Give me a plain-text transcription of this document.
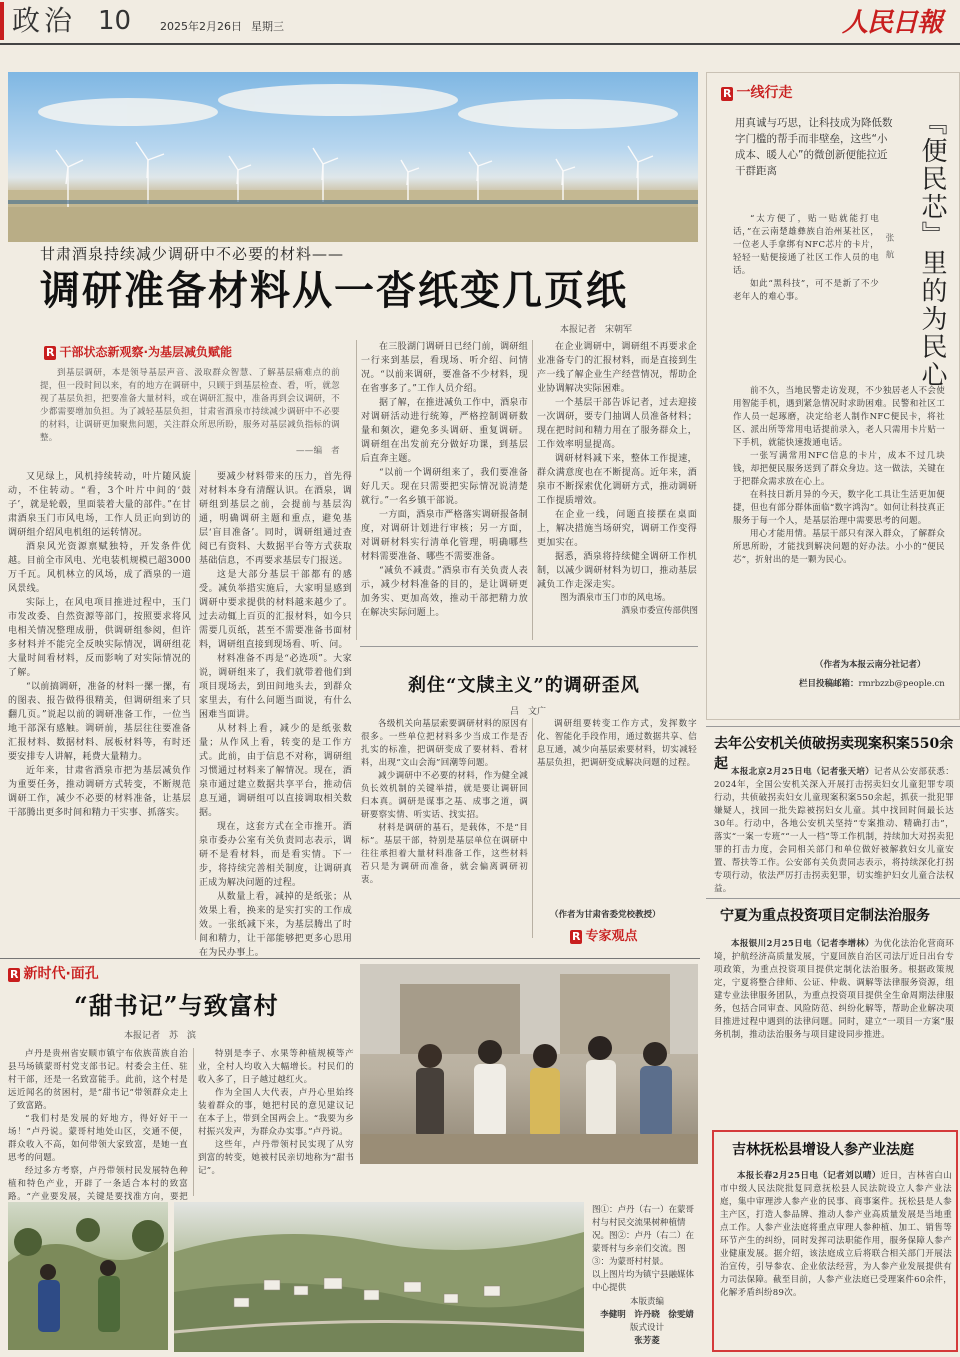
政治 10	2025年2月26日 星期三	人民日報
甘肃酒泉持续减少调研中不必要的材料——
调研准备材料从一沓纸变几页纸
本报记者　宋朝军
R 干部状态新观察·为基层减负赋能
到基层调研，本是领导基层声音、汲取群众智慧、了解基层痛难点的前提，但一段时间以来，有的地方在调研中，只顾于到基层检查、看，听，就忽视了基层负担，把要准备大量材料，或在调研汇报中，准备再到会议调研，不少都需要增加负担。为了减轻基层负担，甘肃省酒泉市持续减少调研中不必要的材料，让调研更加聚焦问题，关注群众所思所盼，服务对基层减负指标的调整。
——编　者

又见绿上，风机持续转动，叶片随风旋动，不住转动。“看，3个叶片中间的‘鼓子’，就是轮毂，里面装着大量的部件。”在甘肃酒泉玉门市风电场，工作人员正向到访的调研组介绍风电机组的运转情况。

酒泉风光资源禀赋独特，开发条件优越。目前全市风电、光电装机规模已超3000万千瓦。风机林立的风场，成了酒泉的一道风景线。

实际上，在风电项目推进过程中，玉门市发改委、自然资源等部门，按照要求将风电相关情况整理成册，供调研组参阅，但许多材料并不能完全反映实际情况，调研组花大量时间看材料，反而影响了对实际情况的了解。

“以前搞调研，准备的材料一摞一摞，有的图表、报告做得很精美，但调研组来了只翻几页。”说起以前的调研准备工作，一位当地干部深有感触。调研前，基层往往要准备汇报材料、数据材料、展板材料等，有时还要安排专人讲解，耗费大量精力。

近年来，甘肃省酒泉市把为基层减负作为重要任务，推动调研方式转变，不断规范调研工作，减少不必要的材料准备，让基层干部腾出更多时间和精力干实事、抓落实。

要减少材料带来的压力，首先得对材料本身有清醒认识。在酒泉，调研组到基层之前，会提前与基层沟通，明确调研主题和重点，避免基层‘盲目准备’。同时，调研组通过查阅已有资料、大数据平台等方式获取基础信息，不再要求基层专门报送。

这是大部分基层干部都有的感受。减负举措实施后，大家明显感到调研中要求提供的材料越来越少了。过去动辄上百页的汇报材料，如今只需要几页纸，甚至不需要准备书面材料，调研组直接到现场看、听、问。

材料准备不再是“必选项”。大家说，调研组来了，我们就带着他们到项目现场去，到田间地头去，到群众家里去，有什么问题当面说，有什么困难当面讲。

从材料上看，减少的是纸张数量；从作风上看，转变的是工作方式。此前，由于信息不对称，调研组习惯通过材料来了解情况。现在，酒泉市通过建立数据共享平台，推动信息互通，调研组可以直接调取相关数据。

现在，这套方式在全市推开。酒泉市委办公室有关负责同志表示，调研不是看材料，而是看实情。下一步，将持续完善相关制度，让调研真正成为解决问题的过程。

从数量上看，减掉的是纸张；从效果上看，换来的是实打实的工作成效。一张纸减下来，为基层腾出了时间和精力，让干部能够把更多心思用在为民办事上。

在三股湖门调研日已经门前，调研组一行来到基层，看现场、听介绍、问情况。“以前来调研，要准备不少材料，现在省事多了。”工作人员介绍。

据了解，在推进减负工作中，酒泉市对调研活动进行统筹，严格控制调研数量和频次，避免多头调研、重复调研。调研组在出发前充分做好功课，到基层后直奔主题。

“以前一个调研组来了，我们要准备好几天。现在只需要把实际情况说清楚就行。”一名乡镇干部说。

一方面，酒泉市严格落实调研报备制度，对调研计划进行审核；另一方面，对调研材料实行清单化管理，明确哪些材料需要准备、哪些不需要准备。

“减负不减责。”酒泉市有关负责人表示，减少材料准备的目的，是让调研更加务实、更加高效，推动干部把精力放在解决实际问题上。

在企业调研中，调研组不再要求企业准备专门的汇报材料，而是直接到生产一线了解企业生产经营情况，帮助企业协调解决实际困难。

一个基层干部告诉记者，过去迎接一次调研，要专门抽调人员准备材料；现在把时间和精力用在了服务群众上，工作效率明显提高。

调研材料减下来，整体工作提速，群众满意度也在不断提高。近年来，酒泉市不断探索优化调研方式，推动调研工作提质增效。

在企业一线，问题直接摆在桌面上，解决措施当场研究，调研工作变得更加实在。

据悉，酒泉将持续健全调研工作机制，以减少调研材料为切口，推动基层减负工作走深走实。

图为酒泉市玉门市的风电场。
酒泉市委宣传部供图
刹住“文牍主义”的调研歪风
吕　文广

各级机关向基层索要调研材料的原因有很多。一些单位把材料多少当成工作是否扎实的标准，把调研变成了要材料、看材料，出现“文山会海”回潮等问题。

减少调研中不必要的材料，作为健全减负长效机制的关键举措，就是要让调研回归本真。调研是谋事之基、成事之道，调研要察实情、听实话、找实招。

材料是调研的基石，是载体，不是“目标”。基层干部，特别是基层单位在调研中往往承担着大量材料准备工作，这些材料若只是为调研而准备，就会偏离调研初衷。

调研组要转变工作方式，发挥数字化、智能化手段作用，通过数据共享、信息互通，减少向基层索要材料，切实减轻基层负担，把调研变成解决问题的过程。

（作者为甘肃省委党校教授）
R 专家观点
R 一线行走
用真诚与巧思，让科技成为降低数字门槛的帮手而非壁垒，这些“小成本、暖人心”的微创新便能拉近干群距离	『便民芯』里的为民心
张　航

“太方便了，贴一贴就能打电话，”在云南楚雄彝族自治州某社区，一位老人手拿绑有NFC芯片的卡片，轻轻一贴便接通了社区工作人员的电话。

如此“黑科技”，可不是新了不少老年人的难心事。

前不久，当地民警走访发现，不少独居老人不会使用智能手机，遇到紧急情况时求助困难。民警和社区工作人员一起琢磨，决定给老人制作NFC便民卡，将社区、派出所等常用电话提前录入，老人只需用卡片贴一下手机，就能快速拨通电话。

一张写满常用NFC信息的卡片，成本不过几块钱，却把便民服务送到了群众身边。这一做法，关键在于把群众需求放在心上。

在科技日新月异的今天，数字化工具让生活更加便捷，但也有部分群体面临“数字鸿沟”。如何让科技真正服务于每一个人，是基层治理中需要思考的问题。

用心才能用情。基层干部只有深入群众，了解群众所思所盼，才能找到解决问题的好办法。小小的“便民芯”，折射出的是一颗为民心。

（作者为本报云南分社记者）
栏目投稿邮箱：rmrbzzb@people.cn
去年公安机关侦破拐卖现案积案550余起 本报北京2月25日电（记者张天培）记者从公安部获悉：2024年，全国公安机关深入开展打击拐卖妇女儿童犯罪专项行动，共侦破拐卖妇女儿童现案积案550余起，抓获一批犯罪嫌疑人，找回一批失踪被拐妇女儿童。其中找回时间最长达30年。行动中，各地公安机关坚持“专案推动、精确打击”，落实“一案一专班”“一人一档”等工作机制，持续加大对拐卖犯罪的打击力度，会同相关部门和单位做好被解救妇女儿童安置、帮扶等工作。公安部有关负责同志表示，将持续深化打拐专项行动，依法严厉打击拐卖犯罪，切实维护妇女儿童合法权益。
宁夏为重点投资项目定制法治服务
本报银川2月25日电（记者李增林）为优化法治化营商环境，护航经济高质量发展，宁夏回族自治区司法厅近日出台专项政策，为重点投资项目提供定制化法治服务。根据政策规定，宁夏将整合律师、公证、仲裁、调解等法律服务资源，组建专业法律服务团队，为重点投资项目提供全生命周期法律服务，包括合同审查、风险防范、纠纷化解等，帮助企业解决项目推进过程中遇到的法律问题。同时，建立“一项目一方案”服务机制，推动法治服务与项目建设同步推进。
吉林抚松县增设人参产业法庭
本报长春2月25日电（记者刘以晴）近日，吉林省白山市中级人民法院批复同意抚松县人民法院设立人参产业法庭，集中审理涉人参产业的民事、商事案件。抚松县是人参主产区，打造人参品牌、推动人参产业高质量发展是当地重点工作。人参产业法庭将重点审理人参种植、加工、销售等环节产生的纠纷，同时发挥司法职能作用，服务保障人参产业健康发展。据介绍，该法庭成立后将联合相关部门开展法治宣传，引导参农、企业依法经营，为人参产业发展提供有力司法保障。截至目前，人参产业法庭已受理案件60余件，化解矛盾纠纷89次。
R 新时代·面孔
“甜书记”与致富村
本报记者　苏　滨

卢丹是贵州省安顺市镇宁布依族苗族自治县马场镇蒙哥村党支部书记。村委会主任、驻村干部，还是一名致富能手。此前，这个村是远近闻名的贫困村，是“甜书记”带领群众走上了致富路。

“我们村是发展的好地方，得好好干一场！”卢丹说。蒙哥村地处山区，交通不便，群众收入不高，如何带领大家致富，是她一直思考的问题。

经过多方考察，卢丹带领村民发展特色种植和特色产业，开辟了一条适合本村的致富路。“产业要发展，关键是要找准方向，要把

特别是李子、水果等种植规模等产业，全村人均收入大幅增长。村民们的收入多了，日子越过越红火。

作为全国人大代表，卢丹心里始终装着群众的事，她把村民的意见建议记在本子上，带到全国两会上。“我要为乡村振兴发声，为群众办实事。”卢丹说。

这些年，卢丹带领村民实现了从穷到富的转变，她被村民亲切地称为“甜书记”。

图①：卢丹（右一）在蒙哥村与村民交流果树种植情况。图②：卢丹（右二）在蒙哥村与乡亲们交流。图③：为蒙哥村村景。
以上图片均为镇宁县融媒体中心提供
本版责编
李健明　许丹晓　徐雯婧
版式设计
张芳菱
